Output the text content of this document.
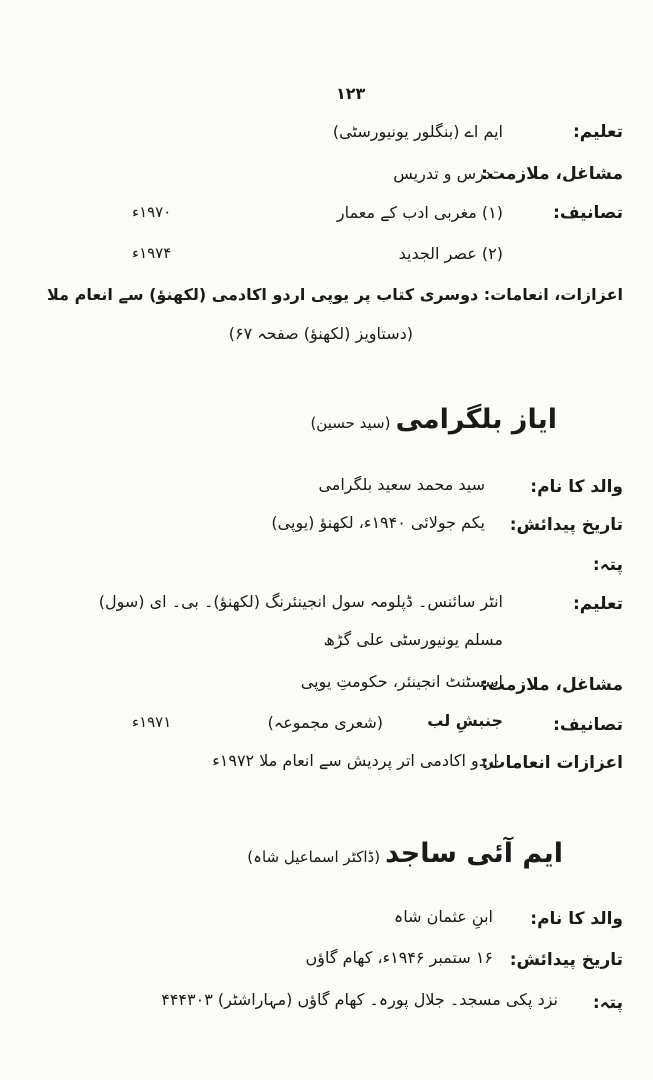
۱۲۳
تعلیم:
ایم اے (بنگلور یونیورسٹی)
مشاغل، ملازمت:
درس و تدریس
تصانیف:
(۱) مغربی ادب کے معمار
۱۹۷۰ء
(۲) عصر الجدید
۱۹۷۴ء
اعزازات، انعامات: دوسری کتاب پر یوپی اردو اکادمی (لکھنؤ) سے انعام ملا
(دستاویز (لکھنؤ) صفحہ ۶۷)
ایاز بلگرامی (سید حسین)
والد کا نام:
سید محمد سعید بلگرامی
تاریخ پیدائش:
یکم جولائی ۱۹۴۰ء، لکھنؤ (یوپی)
پتہ:
تعلیم:
انٹر سائنس۔ ڈپلومہ سول انجینئرنگ (لکھنؤ)۔ بی۔ ای (سول)
مسلم یونیورسٹی علی گڑھ
مشاغل، ملازمت:
اسسٹنٹ انجینئر، حکومتِ یوپی
تصانیف:
جنبشِ لب
(شعری مجموعہ)
۱۹۷۱ء
اعزازات انعامات:
اردو اکادمی اتر پردیش سے انعام ملا ۱۹۷۲ء
ایم آئی ساجد (ڈاکٹر اسماعیل شاہ)
والد کا نام:
ابنِ عثمان شاہ
تاریخ پیدائش:
۱۶ ستمبر ۱۹۴۶ء، کھام گاؤں
پتہ:
نزد پکی مسجد۔ جلال پورہ۔ کھام گاؤں (مہاراشٹر) ۴۴۴۳۰۳
